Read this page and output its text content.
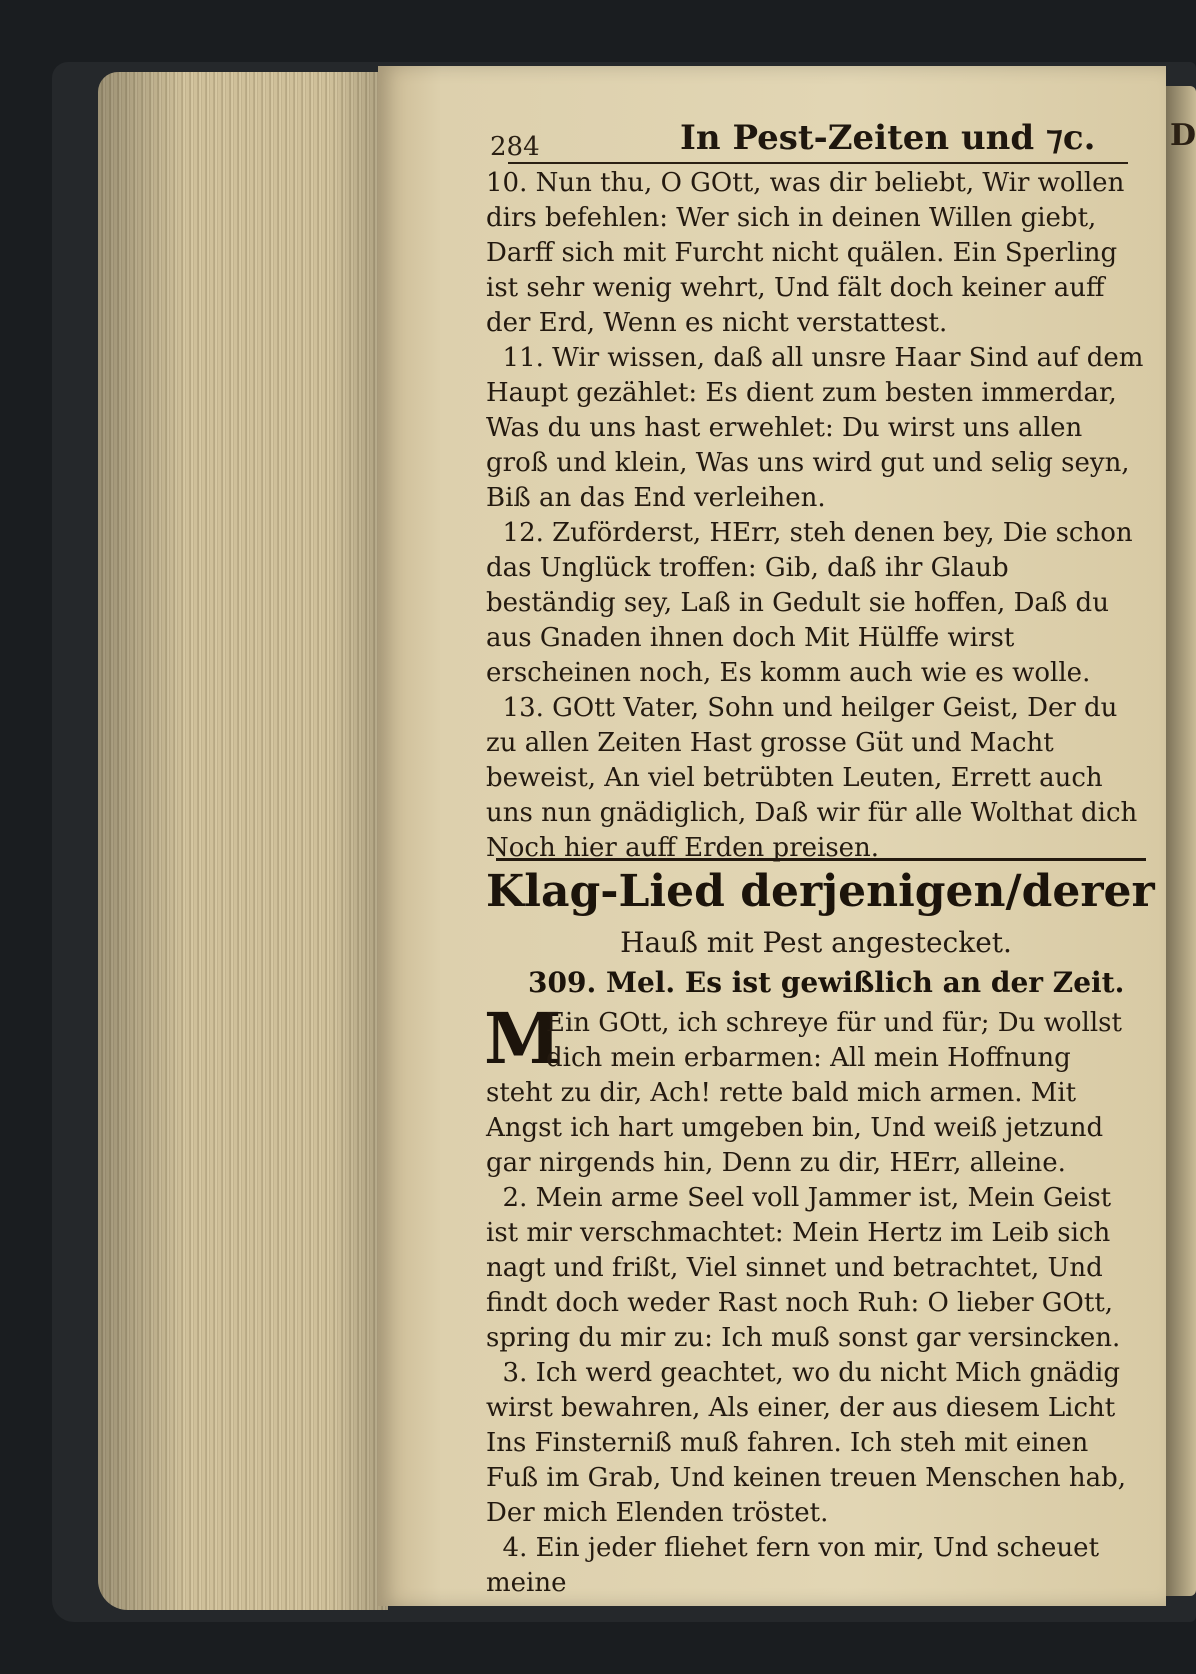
D
284	In Pest-Zeiten und ⁊c.

10. Nun thu, O GOtt, was dir beliebt, Wir wollen dirs befehlen: Wer sich in deinen Willen giebt, Darff sich mit Furcht nicht quälen. Ein Sperling ist sehr wenig wehrt, Und fält doch keiner auff der Erd, Wenn es nicht verstattest.
11. Wir wissen, daß all unsre Haar Sind auf dem Haupt gezählet: Es dient zum besten immerdar, Was du uns hast erwehlet: Du wirst uns allen groß und klein, Was uns wird gut und selig seyn, Biß an das End verleihen.
12. Zuförderst, HErr, steh denen bey, Die schon das Unglück troffen: Gib, daß ihr Glaub beständig sey, Laß in Gedult sie hoffen, Daß du aus Gnaden ihnen doch Mit Hülffe wirst erscheinen noch, Es komm auch wie es wolle.
13. GOtt Vater, Sohn und heilger Geist, Der du zu allen Zeiten Hast grosse Güt und Macht beweist, An viel betrübten Leuten, Errett auch uns nun gnädiglich, Daß wir für alle Wolthat dich Noch hier auff Erden preisen.

Klag-Lied derjenigen/derer
Hauß mit Pest angestecket.
309. Mel. Es ist gewißlich an der Zeit.
M

Ein GOtt, ich schreye für und für; Du wollst dich mein erbarmen: All mein Hoffnung

steht zu dir, Ach! rette bald mich armen. Mit Angst ich hart umgeben bin, Und weiß jetzund gar nirgends hin, Denn zu dir, HErr, alleine.
2. Mein arme Seel voll Jammer ist, Mein Geist ist mir verschmachtet: Mein Hertz im Leib sich nagt und frißt, Viel sinnet und betrachtet, Und findt doch weder Rast noch Ruh: O lieber GOtt, spring du mir zu: Ich muß sonst gar versincken.
3. Ich werd geachtet, wo du nicht Mich gnädig wirst bewahren, Als einer, der aus diesem Licht Ins Finsterniß muß fahren. Ich steh mit einen Fuß im Grab, Und keinen treuen Menschen hab, Der mich Elenden tröstet.
4. Ein jeder fliehet fern von mir, Und scheuet meine
